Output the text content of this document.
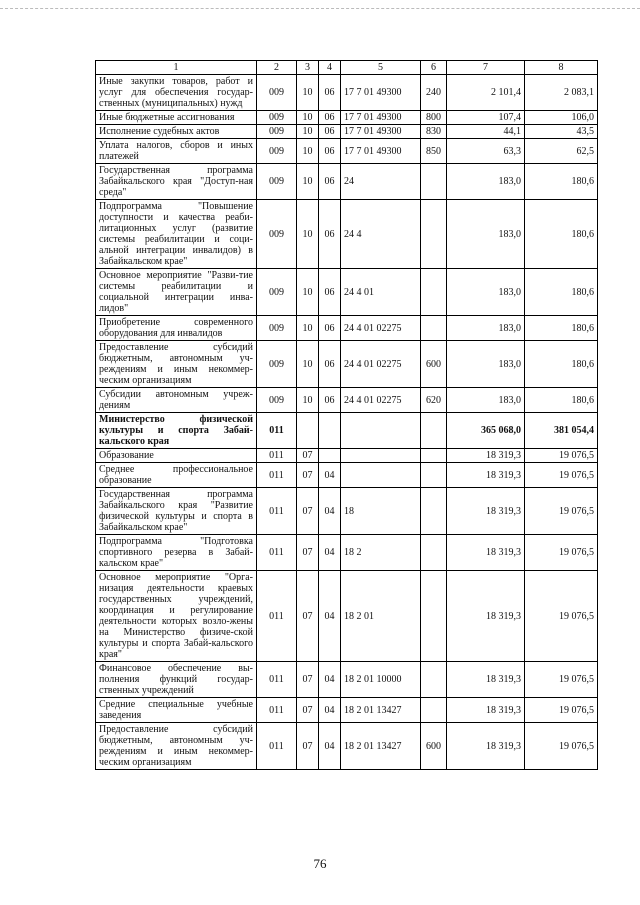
1	2	3	4	5	6	7	8
Иные закупки товаров, работ и услуг для обеспечения государ-ственных (муниципальных) нужд	009	10	06	17 7 01 49300	240	2 101,4	2 083,1
Иные бюджетные ассигнования	009	10	06	17 7 01 49300	800	107,4	106,0
Исполнение судебных актов	009	10	06	17 7 01 49300	830	44,1	43,5
Уплата налогов, сборов и иных платежей	009	10	06	17 7 01 49300	850	63,3	62,5
Государственная программа Забайкальского края "Доступ-ная среда"	009	10	06	24		183,0	180,6
Подпрограмма "Повышение доступности и качества реаби-литационных услуг (развитие системы реабилитации и соци-альной интеграции инвалидов) в Забайкальском крае"	009	10	06	24 4		183,0	180,6
Основное мероприятие "Разви-тие системы реабилитации и социальной интеграции инва-лидов"	009	10	06	24 4 01		183,0	180,6
Приобретение современного оборудования для инвалидов	009	10	06	24 4 01 02275		183,0	180,6
Предоставление субсидий бюджетным, автономным уч-реждениям и иным некоммер-ческим организациям	009	10	06	24 4 01 02275	600	183,0	180,6
Субсидии автономным учреж-дениям	009	10	06	24 4 01 02275	620	183,0	180,6
Министерство физической культуры и спорта Забай-кальского края	011					365 068,0	381 054,4
Образование	011	07				18 319,3	19 076,5
Среднее профессиональное образование	011	07	04			18 319,3	19 076,5
Государственная программа Забайкальского края "Развитие физической культуры и спорта в Забайкальском крае"	011	07	04	18		18 319,3	19 076,5
Подпрограмма "Подготовка спортивного резерва в Забай-кальском крае"	011	07	04	18 2		18 319,3	19 076,5
Основное мероприятие "Орга-низация деятельности краевых государственных учреждений, координация и регулирование деятельности которых возло-жены на Министерство физиче-ской культуры и спорта Забай-кальского края"	011	07	04	18 2 01		18 319,3	19 076,5
Финансовое обеспечение вы-полнения функций государ-ственных учреждений	011	07	04	18 2 01 10000		18 319,3	19 076,5
Средние специальные учебные заведения	011	07	04	18 2 01 13427		18 319,3	19 076,5
Предоставление субсидий бюджетным, автономным уч-реждениям и иным некоммер-ческим организациям	011	07	04	18 2 01 13427	600	18 319,3	19 076,5
76
